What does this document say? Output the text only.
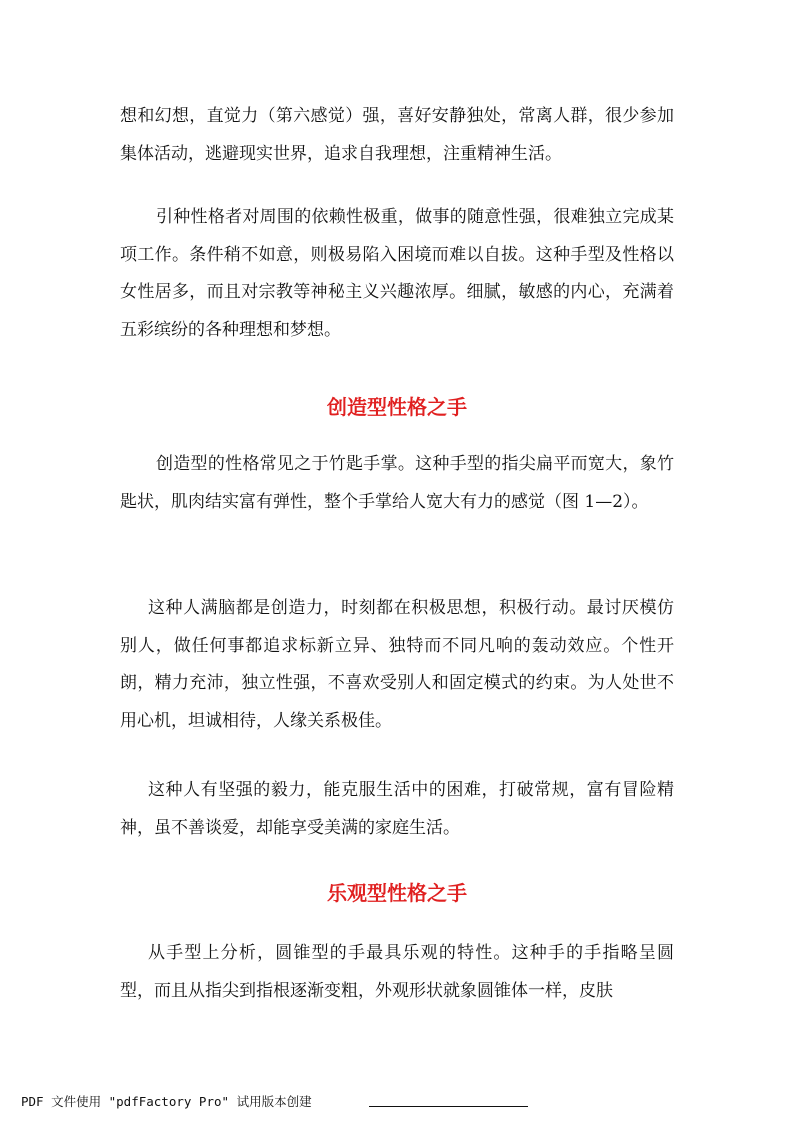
想和幻想，直觉力（第六感觉）强，喜好安静独处，常离人群，很少参加集体活动，逃避现实世界，追求自我理想，注重精神生活。

引种性格者对周围的依赖性极重，做事的随意性强，很难独立完成某项工作。条件稍不如意，则极易陷入困境而难以自拔。这种手型及性格以女性居多，而且对宗教等神秘主义兴趣浓厚。细腻，敏感的内心，充满着五彩缤纷的各种理想和梦想。

创造型性格之手

创造型的性格常见之于竹匙手掌。这种手型的指尖扁平而宽大，象竹匙状，肌肉结实富有弹性，整个手掌给人宽大有力的感觉（图 1—2）。

这种人满脑都是创造力，时刻都在积极思想，积极行动。最讨厌模仿别人，做任何事都追求标新立异、独特而不同凡响的轰动效应。个性开朗，精力充沛，独立性强，不喜欢受别人和固定模式的约束。为人处世不用心机，坦诚相待，人缘关系极佳。

这种人有坚强的毅力，能克服生活中的困难，打破常规，富有冒险精神，虽不善谈爱，却能享受美满的家庭生活。

乐观型性格之手

从手型上分析，圆锥型的手最具乐观的特性。这种手的手指略呈圆型，而且从指尖到指根逐渐变粗，外观形状就象圆锥体一样，皮肤

PDF 文件使用 "pdfFactory Pro" 试用版本创建
